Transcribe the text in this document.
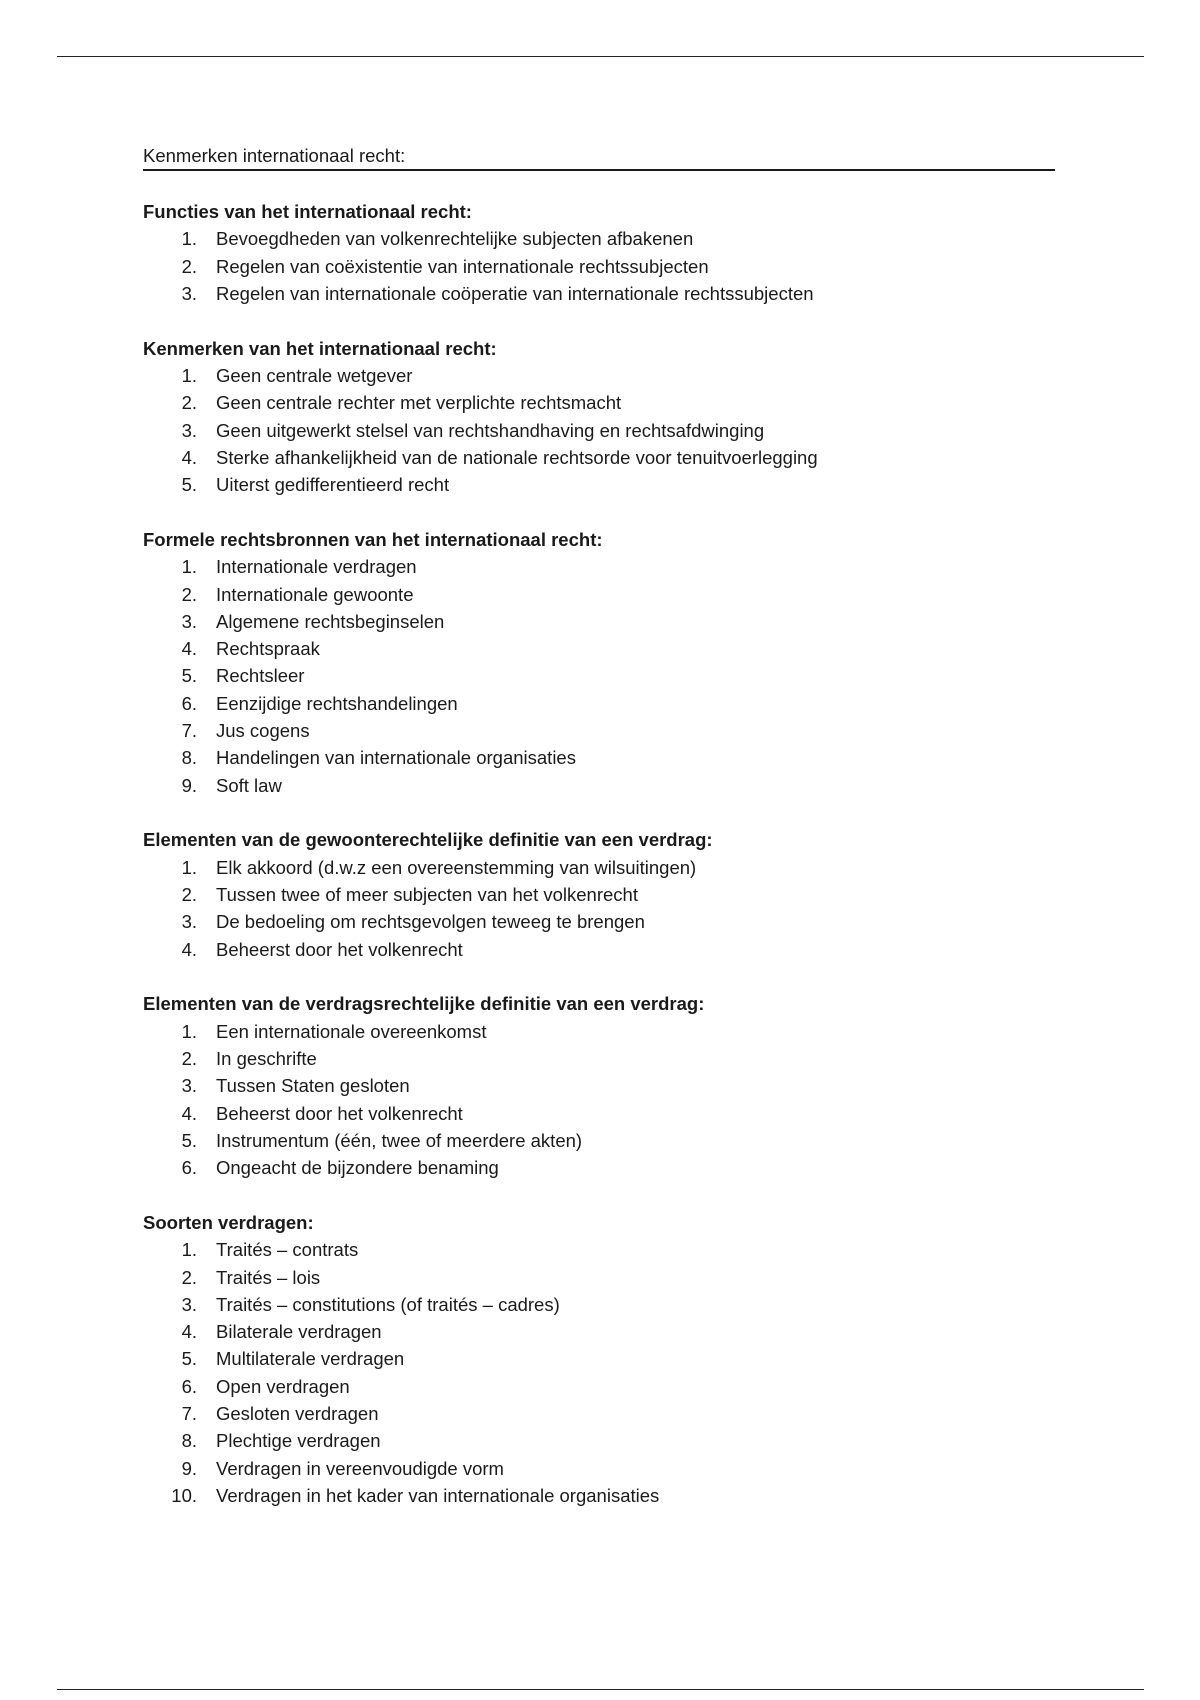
Kenmerken internationaal recht:
Functies van het internationaal recht:
1. Bevoegdheden van volkenrechtelijke subjecten afbakenen
2. Regelen van coëxistentie van internationale rechtssubjecten
3. Regelen van internationale coöperatie van internationale rechtssubjecten
Kenmerken van het internationaal recht:
1. Geen centrale wetgever
2. Geen centrale rechter met verplichte rechtsmacht
3. Geen uitgewerkt stelsel van rechtshandhaving en rechtsafdwinging
4. Sterke afhankelijkheid van de nationale rechtsorde voor tenuitvoerlegging
5. Uiterst gedifferentieerd recht
Formele rechtsbronnen van het internationaal recht:
1. Internationale verdragen
2. Internationale gewoonte
3. Algemene rechtsbeginselen
4. Rechtspraak
5. Rechtsleer
6. Eenzijdige rechtshandelingen
7. Jus cogens
8. Handelingen van internationale organisaties
9. Soft law
Elementen van de gewoonterechtelijke definitie van een verdrag:
1. Elk akkoord (d.w.z een overeenstemming van wilsuitingen)
2. Tussen twee of meer subjecten van het volkenrecht
3. De bedoeling om rechtsgevolgen teweeg te brengen
4. Beheerst door het volkenrecht
Elementen van de verdragsrechtelijke definitie van een verdrag:
1. Een internationale overeenkomst
2. In geschrifte
3. Tussen Staten gesloten
4. Beheerst door het volkenrecht
5. Instrumentum (één, twee of meerdere akten)
6. Ongeacht de bijzondere benaming
Soorten verdragen:
1. Traités – contrats
2. Traités – lois
3. Traités – constitutions (of traités – cadres)
4. Bilaterale verdragen
5. Multilaterale verdragen
6. Open verdragen
7. Gesloten verdragen
8. Plechtige verdragen
9. Verdragen in vereenvoudigde vorm
10. Verdragen in het kader van internationale organisaties
